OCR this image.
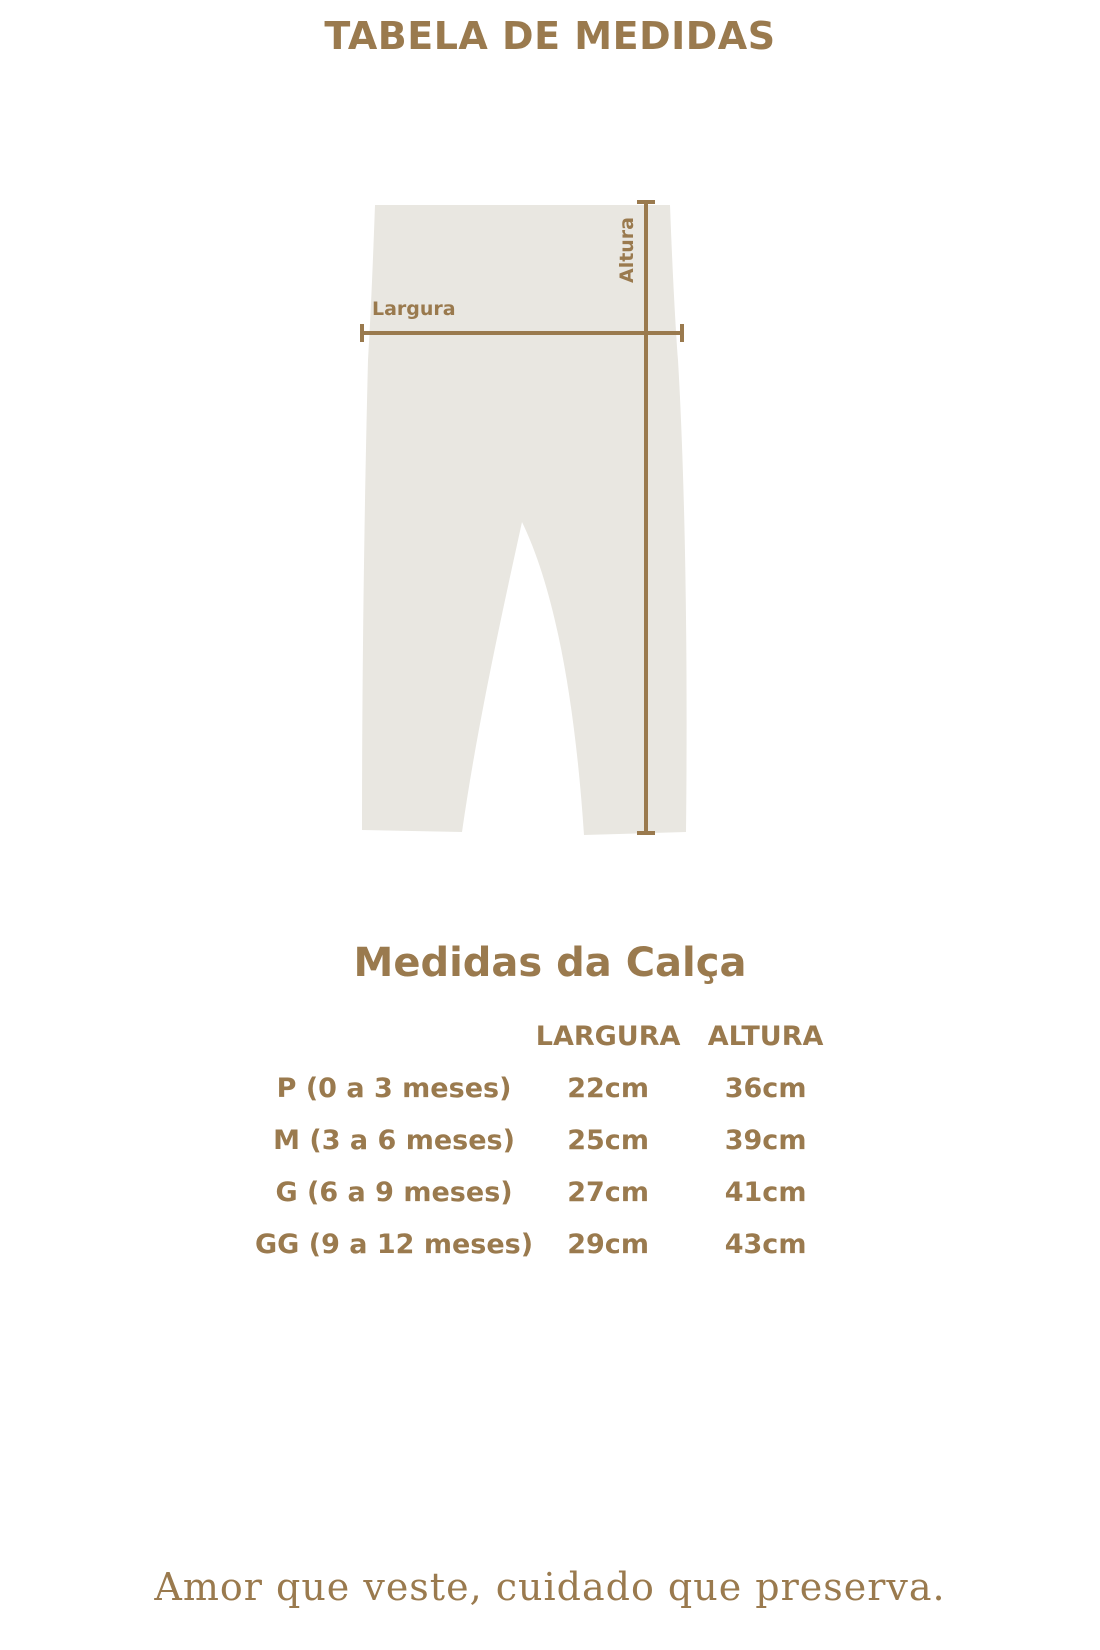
TABELA DE MEDIDAS
Largura
Altura
Medidas da Calça
	LARGURA	ALTURA
P (0 a 3 meses)	22cm	36cm
M (3 a 6 meses)	25cm	39cm
G (6 a 9 meses)	27cm	41cm
GG (9 a 12 meses)	29cm	43cm
Amor que veste, cuidado que preserva.
